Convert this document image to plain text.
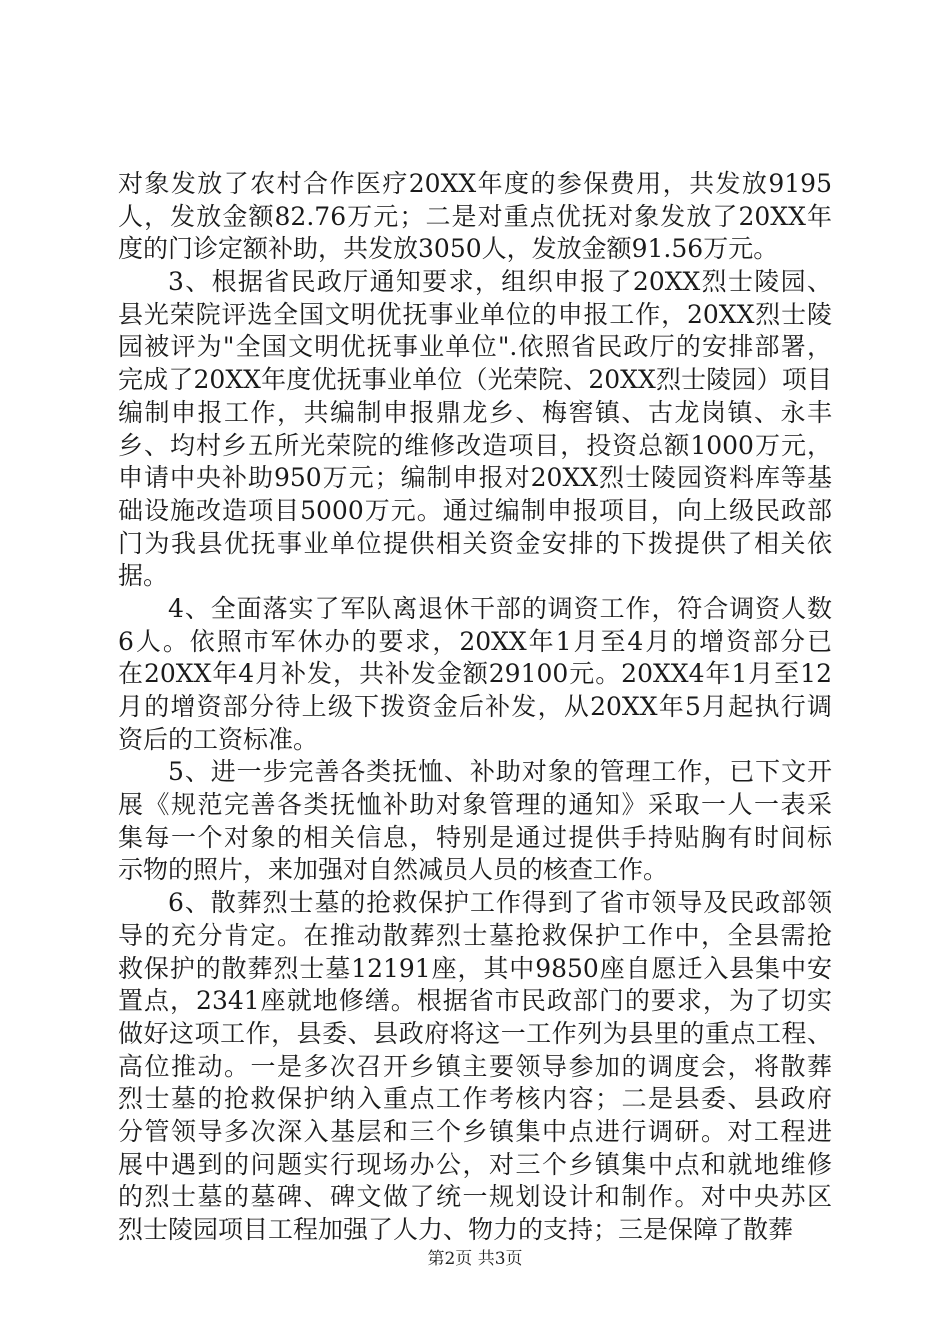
对象发放了农村合作医疗20XX年度的参保费用，共发放9195
人，发放金额82.76万元；二是对重点优抚对象发放了20XX年
度的门诊定额补助，共发放3050人，发放金额91.56万元。
3、根据省民政厅通知要求，组织申报了20XX烈士陵园、
县光荣院评选全国文明优抚事业单位的申报工作，20XX烈士陵
园被评为"全国文明优抚事业单位".依照省民政厅的安排部署，
完成了20XX年度优抚事业单位（光荣院、20XX烈士陵园）项目
编制申报工作，共编制申报鼎龙乡、梅窖镇、古龙岗镇、永丰
乡、均村乡五所光荣院的维修改造项目，投资总额1000万元，
申请中央补助950万元；编制申报对20XX烈士陵园资料库等基
础设施改造项目5000万元。通过编制申报项目，向上级民政部
门为我县优抚事业单位提供相关资金安排的下拨提供了相关依
据。
4、全面落实了军队离退休干部的调资工作，符合调资人数
6人。依照市军休办的要求，20XX年1月至4月的增资部分已
在20XX年4月补发，共补发金额29100元。20XX4年1月至12
月的增资部分待上级下拨资金后补发，从20XX年5月起执行调
资后的工资标准。
5、进一步完善各类抚恤、补助对象的管理工作，已下文开
展《规范完善各类抚恤补助对象管理的通知》采取一人一表采
集每一个对象的相关信息，特别是通过提供手持贴胸有时间标
示物的照片，来加强对自然减员人员的核查工作。
6、散葬烈士墓的抢救保护工作得到了省市领导及民政部领
导的充分肯定。在推动散葬烈士墓抢救保护工作中，全县需抢
救保护的散葬烈士墓12191座，其中9850座自愿迁入县集中安
置点，2341座就地修缮。根据省市民政部门的要求，为了切实
做好这项工作，县委、县政府将这一工作列为县里的重点工程、
高位推动。一是多次召开乡镇主要领导参加的调度会，将散葬
烈士墓的抢救保护纳入重点工作考核内容；二是县委、县政府
分管领导多次深入基层和三个乡镇集中点进行调研。对工程进
展中遇到的问题实行现场办公，对三个乡镇集中点和就地维修
的烈士墓的墓碑、碑文做了统一规划设计和制作。对中央苏区
烈士陵园项目工程加强了人力、物力的支持；三是保障了散葬
第2页 共3页
